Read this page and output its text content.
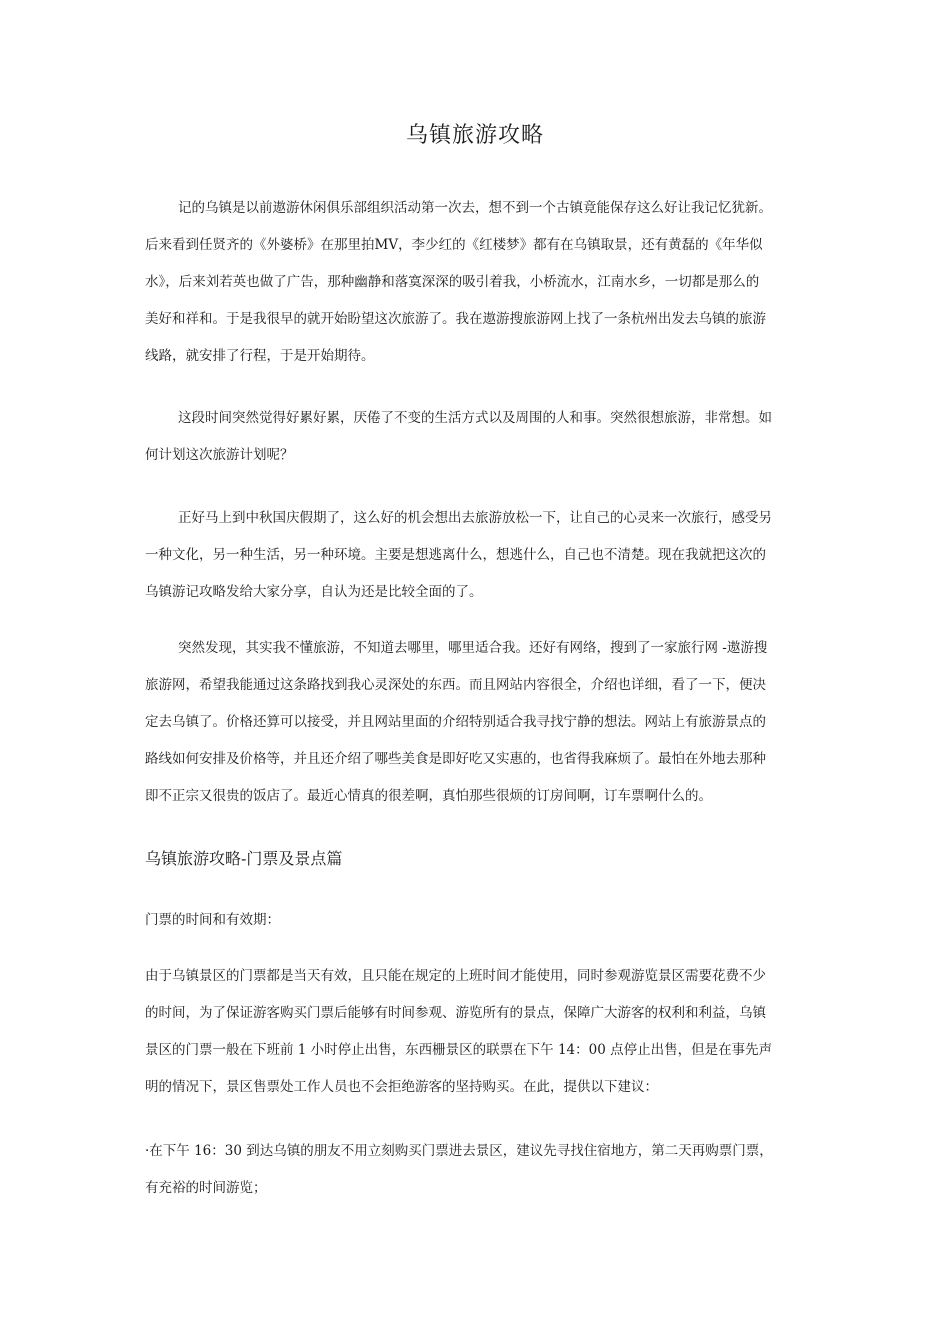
乌镇旅游攻略
记的乌镇是以前遨游休闲俱乐部组织活动第一次去，想不到一个古镇竟能保存这么好让我记忆犹新。
后来看到任贤齐的《外婆桥》在那里拍MV，李少红的《红楼梦》都有在乌镇取景，还有黄磊的《年华似
水》，后来刘若英也做了广告，那种幽静和落寞深深的吸引着我，小桥流水，江南水乡，一切都是那么的
美好和祥和。于是我很早的就开始盼望这次旅游了。我在遨游搜旅游网上找了一条杭州出发去乌镇的旅游
线路，就安排了行程，于是开始期待。
这段时间突然觉得好累好累，厌倦了不变的生活方式以及周围的人和事。突然很想旅游，非常想。如
何计划这次旅游计划呢？
正好马上到中秋国庆假期了，这么好的机会想出去旅游放松一下，让自己的心灵来一次旅行，感受另
一种文化，另一种生活，另一种环境。主要是想逃离什么，想逃什么，自己也不清楚。现在我就把这次的
乌镇游记攻略发给大家分享，自认为还是比较全面的了。
突然发现，其实我不懂旅游，不知道去哪里，哪里适合我。还好有网络，搜到了一家旅行网 -遨游搜
旅游网，希望我能通过这条路找到我心灵深处的东西。而且网站内容很全，介绍也详细，看了一下，便决
定去乌镇了。价格还算可以接受，并且网站里面的介绍特别适合我寻找宁静的想法。网站上有旅游景点的
路线如何安排及价格等，并且还介绍了哪些美食是即好吃又实惠的，也省得我麻烦了。最怕在外地去那种
即不正宗又很贵的饭店了。最近心情真的很差啊，真怕那些很烦的订房间啊，订车票啊什么的。
乌镇旅游攻略-门票及景点篇

门票的时间和有效期：

由于乌镇景区的门票都是当天有效，且只能在规定的上班时间才能使用，同时参观游览景区需要花费不少
的时间，为了保证游客购买门票后能够有时间参观、游览所有的景点，保障广大游客的权利和利益，乌镇
景区的门票一般在下班前 1 小时停止出售，东西栅景区的联票在下午 14：00 点停止出售，但是在事先声
明的情况下，景区售票处工作人员也不会拒绝游客的坚持购买。在此，提供以下建议：
·在下午 16：30 到达乌镇的朋友不用立刻购买门票进去景区，建议先寻找住宿地方，第二天再购票门票，
有充裕的时间游览；
